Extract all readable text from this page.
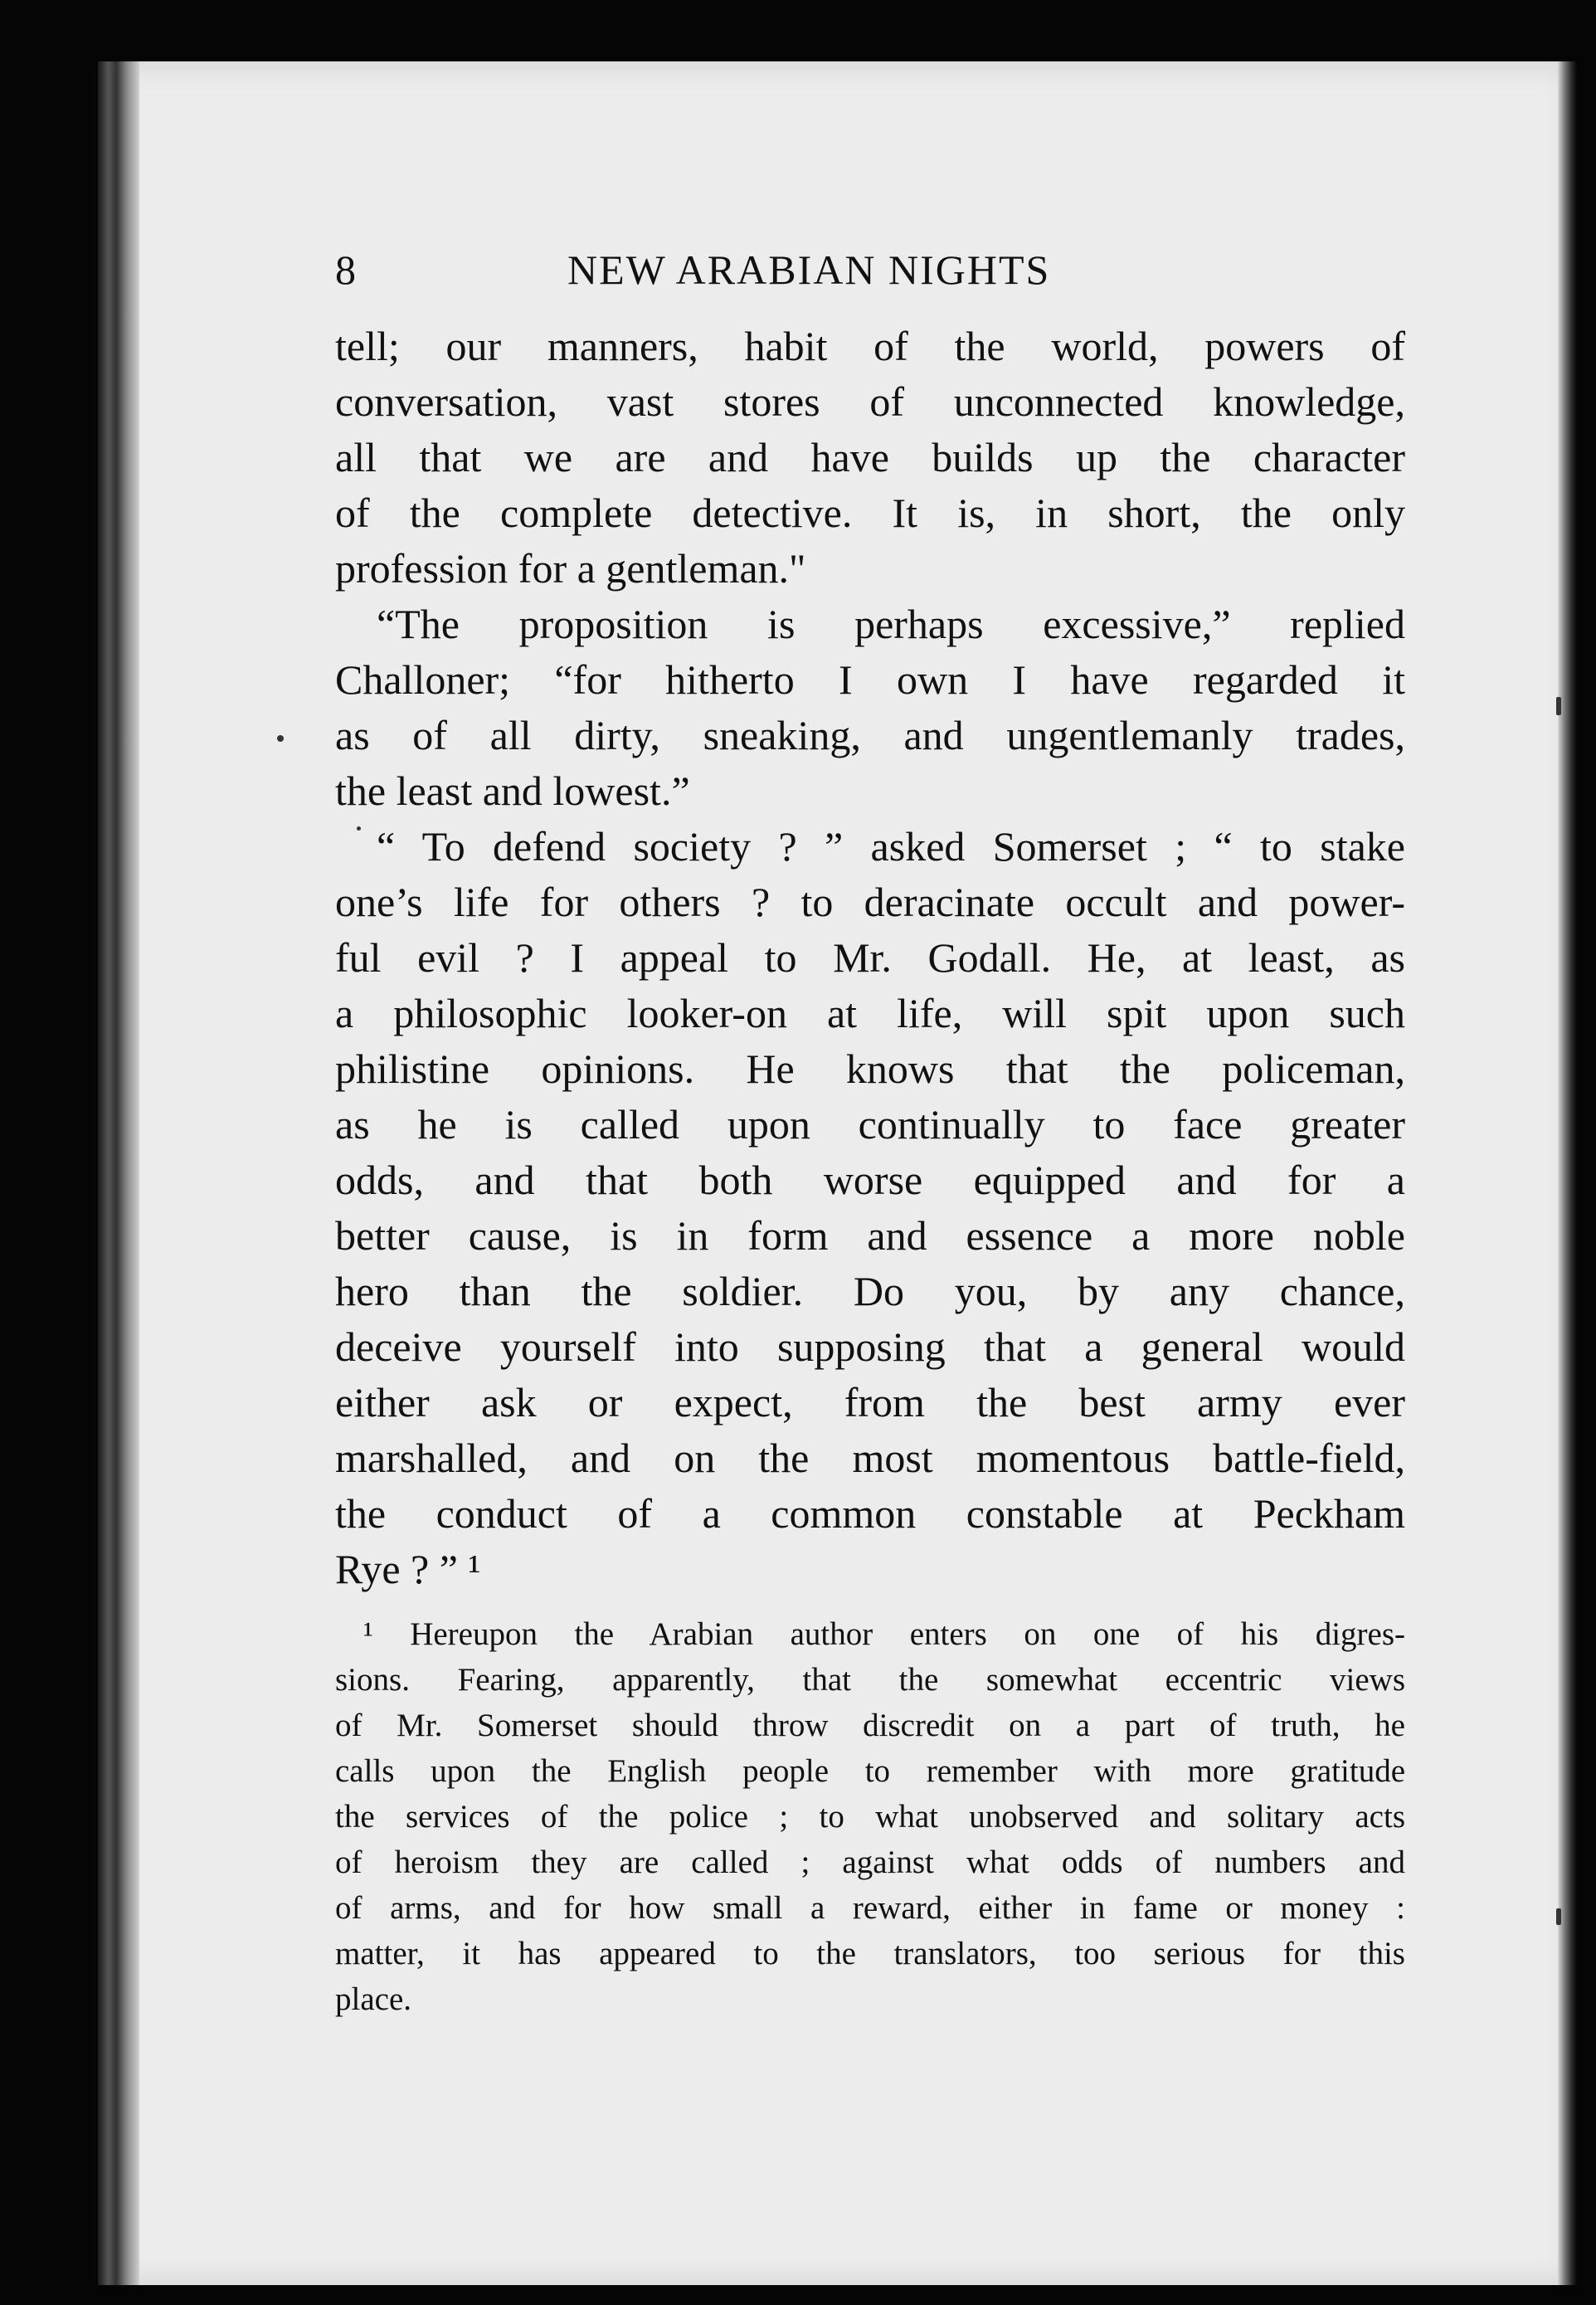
8	NEW ARABIAN NIGHTS
tell; our manners, habit of the world, powers of
conversation, vast stores of unconnected knowledge,
all that we are and have builds up the character
of the complete detective. It is, in short, the only
profession for a gentleman."
“The proposition is perhaps excessive,” replied
Challoner; “for hitherto I own I have regarded it
as of all dirty, sneaking, and ungentlemanly trades,
the least and lowest.”
“ To defend society ? ” asked Somerset ; “ to stake
one’s life for others ? to deracinate occult and power-
ful evil ? I appeal to Mr. Godall. He, at least, as
a philosophic looker-on at life, will spit upon such
philistine opinions. He knows that the policeman,
as he is called upon continually to face greater
odds, and that both worse equipped and for a
better cause, is in form and essence a more noble
hero than the soldier. Do you, by any chance,
deceive yourself into supposing that a general would
either ask or expect, from the best army ever
marshalled, and on the most momentous battle-field,
the conduct of a common constable at Peckham
Rye ? ” ¹
¹ Hereupon the Arabian author enters on one of his digres-
sions. Fearing, apparently, that the somewhat eccentric views
of Mr. Somerset should throw discredit on a part of truth, he
calls upon the English people to remember with more gratitude
the services of the police ; to what unobserved and solitary acts
of heroism they are called ; against what odds of numbers and
of arms, and for how small a reward, either in fame or money :
matter, it has appeared to the translators, too serious for this
place.
